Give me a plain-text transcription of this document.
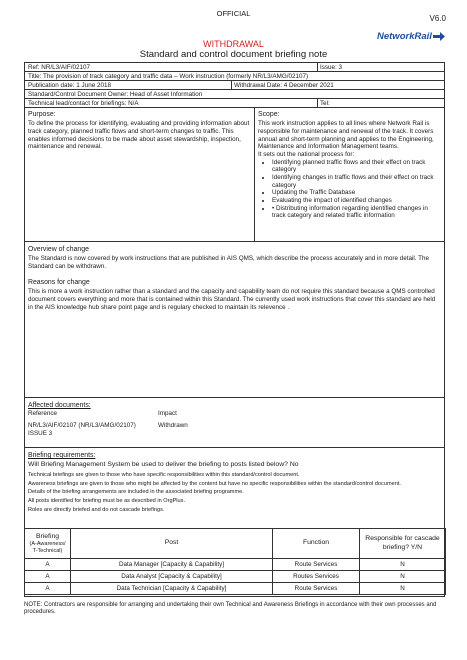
OFFICIAL
V6.0
NetworkRail
WITHDRAWAL
Standard and control document briefing note
Ref: NR/L3/AIF/02107	Issue: 3
Title: The provision of track category and traffic data – Work instruction (formerly NR/L3/AMG/02107)
Publication date: 1 June 2018	Withdrawal Date: 4 December 2021
Standard/Control Document Owner: Head of Asset Information
Technical lead/contact for briefings: N/A	Tel:
Purpose:

To define the process for identifying, evaluating and providing information about track category, planned traffic flows and short-term changes to traffic. This enables informed decisions to be made about asset stewardship, inspection, maintenance and renewal.

Scope:

This work instruction applies to all lines where Network Rail is responsible for maintenance and renewal of the track. It covers annual and short-term planning and applies to the Engineering, Maintenance and Information Management teams.

It sets out the national process for:

• Identifying planned traffic flows and their effect on track category
• Identifying changes in traffic flows and their effect on track category
• Updating the Traffic Database
• Evaluating the impact of identified changes
• • Distributing information regarding identified changes in track category and related traffic information
Overview of change

The Standard is now covered by work instructions that are published in AIS QMS, which describe the process accurately and in more detail. The Standard can be withdrawn.

Reasons for change

This is more a work instruction rather than a standard and the capacity and capability team do not require this standard because a QMS controlled document covers everything and more that is contained within this Standard. The currently used work instructions that cover this standard are held in the AIS knowledge hub share point page and is regulary checked to maintain its relevence .

Affected documents:
Reference	Impact
NR/L3/AIF/02107 (NR/L3/AMG/02107)
ISSUE 3
Withdrawn
Briefing requirements:

Will Briefing Management System be used to deliver the briefing to posts listed below? No

Technical briefings are given to those who have specific responsibilities within this standard/control document.

Awareness briefings are given to those who might be affected by the content but have no specific responsibilities within the standard/control document.

Details of the briefing arrangements are included in the associated briefing programme.

All posts identified for briefing must be as described in OrgPlus.

Roles are directly briefed and do not cascade briefings.

Briefing
(A-Awareness/ T-Technical)	Post	Function	Responsible for cascade briefing? Y/N
A	Data Manager [Capacity & Capability]	Route Services	N
A	Data Analyst [Capacity & Capability]	Routes Services	N
A	Data Technician [Capacity & Capability]	Route Services	N
NOTE: Contractors are responsible for arranging and undertaking their own Technical and Awareness Briefings in accordance with their own processes and procedures.
